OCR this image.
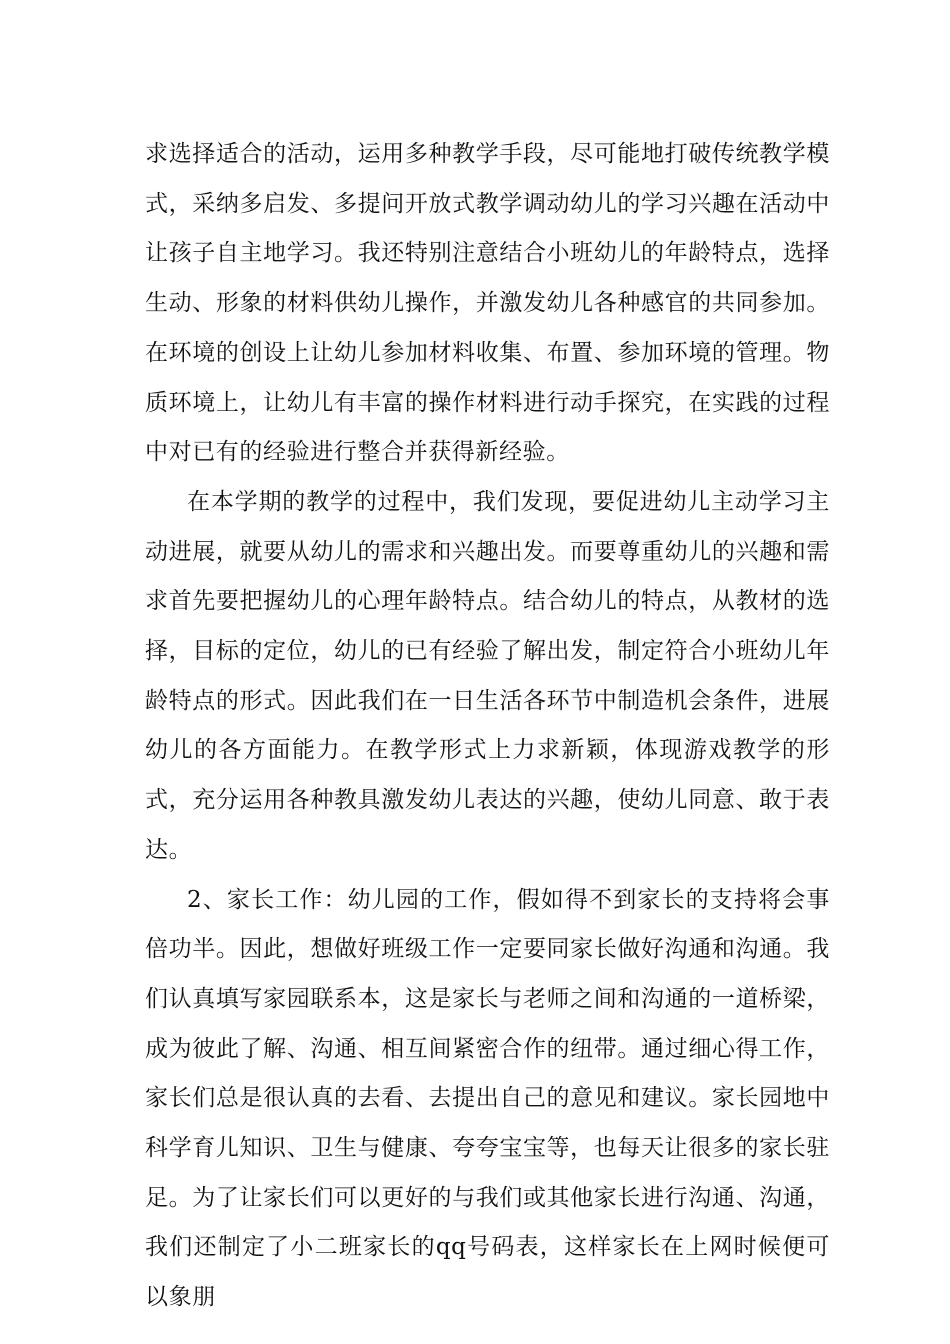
求选择适合的活动，运用多种教学手段，尽可能地打破传统教学模式，采纳多启发、多提问开放式教学调动幼儿的学习兴趣在活动中让孩子自主地学习。我还特别注意结合小班幼儿的年龄特点，选择生动、形象的材料供幼儿操作，并激发幼儿各种感官的共同参加。在环境的创设上让幼儿参加材料收集、布置、参加环境的管理。物质环境上，让幼儿有丰富的操作材料进行动手探究，在实践的过程中对已有的经验进行整合并获得新经验。

在本学期的教学的过程中，我们发现，要促进幼儿主动学习主动进展，就要从幼儿的需求和兴趣出发。而要尊重幼儿的兴趣和需求首先要把握幼儿的心理年龄特点。结合幼儿的特点，从教材的选择，目标的定位，幼儿的已有经验了解出发，制定符合小班幼儿年龄特点的形式。因此我们在一日生活各环节中制造机会条件，进展幼儿的各方面能力。在教学形式上力求新颖，体现游戏教学的形式，充分运用各种教具激发幼儿表达的兴趣，使幼儿同意、敢于表达。

2、家长工作：幼儿园的工作，假如得不到家长的支持将会事倍功半。因此，想做好班级工作一定要同家长做好沟通和沟通。我们认真填写家园联系本，这是家长与老师之间和沟通的一道桥梁，成为彼此了解、沟通、相互间紧密合作的纽带。通过细心得工作，家长们总是很认真的去看、去提出自己的意见和建议。家长园地中科学育儿知识、卫生与健康、夸夸宝宝等，也每天让很多的家长驻足。为了让家长们可以更好的与我们或其他家长进行沟通、沟通，我们还制定了小二班家长的qq号码表，这样家长在上网时候便可以象朋
